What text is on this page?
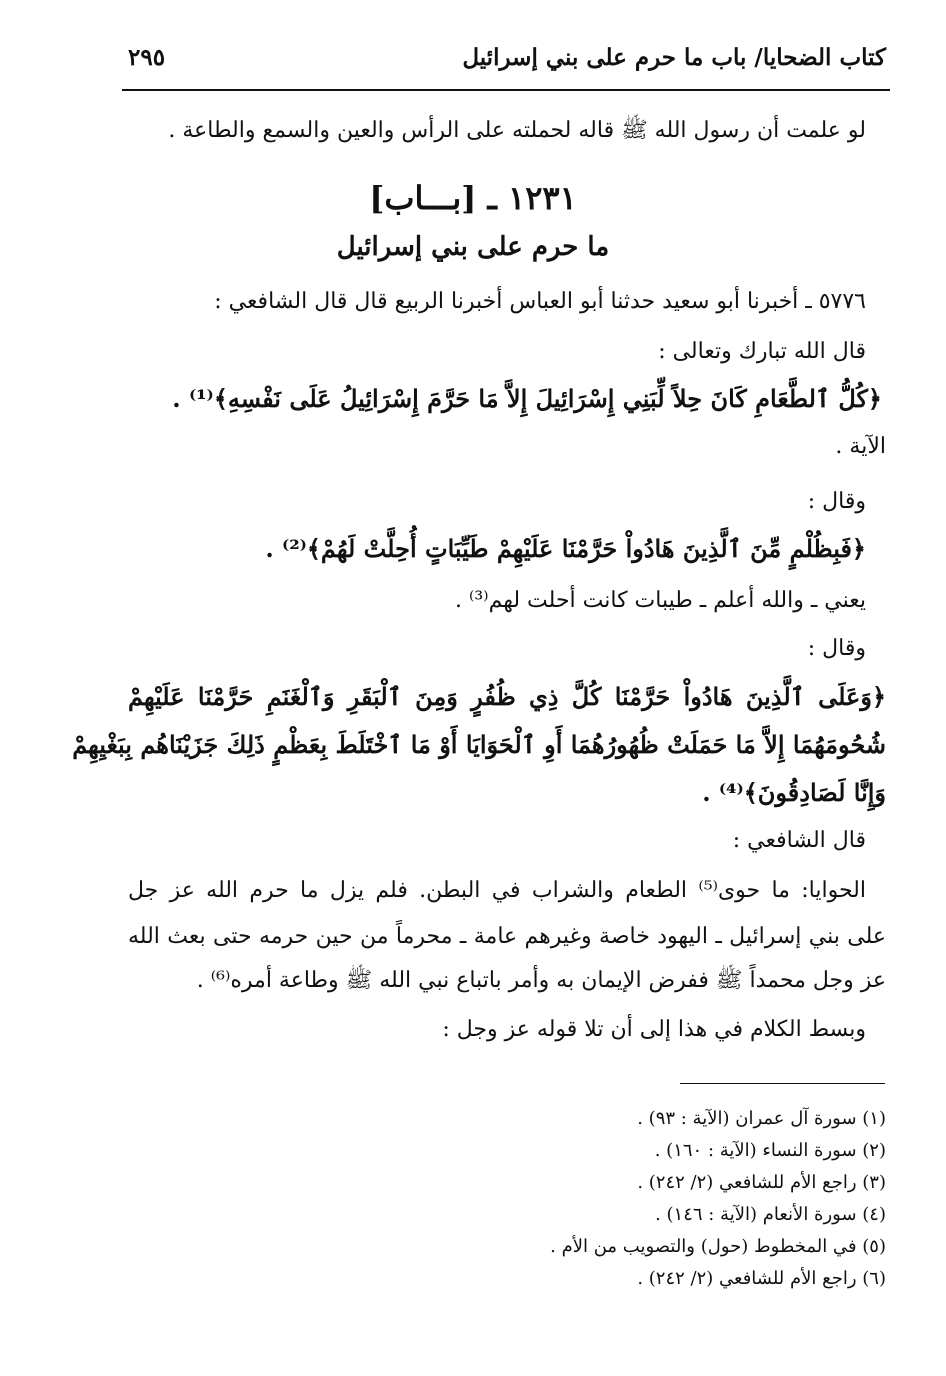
كتاب الضحايا/ باب ما حرم على بني إسرائيل
٢٩٥
لو علمت أن رسول الله ﷺ قاله لحملته على الرأس والعين والسمع والطاعة .
١٢٣١ ـ [بـــاب]
ما حرم على بني إسرائيل
٥٧٧٦ ـ أخبرنا أبو سعيد حدثنا أبو العباس أخبرنا الربيع قال قال الشافعي :
قال الله تبارك وتعالى :
﴿كُلُّ ٱلطَّعَامِ كَانَ حِلاً لِّبَنِي إِسْرَائِيلَ إِلاَّ مَا حَرَّمَ إِسْرَائِيلُ عَلَى نَفْسِهِ﴾⁽¹⁾ .
الآية .
وقال :
﴿فَبِظُلْمٍ مِّنَ ٱلَّذِينَ هَادُواْ حَرَّمْنَا عَلَيْهِمْ طَيِّبَاتٍ أُحِلَّتْ لَهُمْ﴾⁽²⁾ .
يعني ـ والله أعلم ـ طيبات كانت أحلت لهم⁽³⁾ .
وقال :
﴿وَعَلَى ٱلَّذِينَ هَادُواْ حَرَّمْنَا كُلَّ ذِي ظُفُرٍ وَمِنَ ٱلْبَقَرِ وَٱلْغَنَمِ حَرَّمْنَا عَلَيْهِمْ
شُحُومَهُمَا إِلاَّ مَا حَمَلَتْ ظُهُورُهُمَا أَوِ ٱلْحَوَايَا أَوْ مَا ٱخْتَلَطَ بِعَظْمٍ ذَلِكَ جَزَيْنَاهُم بِبَغْيِهِمْ
وَإِنَّا لَصَادِقُونَ﴾⁽⁴⁾ .
قال الشافعي :
الحوايا: ما حوى⁽⁵⁾ الطعام والشراب في البطن. فلم يزل ما حرم الله عز جل
على بني إسرائيل ـ اليهود خاصة وغيرهم عامة ـ محرماً من حين حرمه حتى بعث الله
عز وجل محمداً ﷺ ففرض الإيمان به وأمر باتباع نبي الله ﷺ وطاعة أمره⁽⁶⁾ .
وبسط الكلام في هذا إلى أن تلا قوله عز وجل :
(١) سورة آل عمران (الآية : ٩٣) .
(٢) سورة النساء (الآية : ١٦٠) .
(٣) راجع الأم للشافعي (٢/ ٢٤٢) .
(٤) سورة الأنعام (الآية : ١٤٦) .
(٥) في المخطوط (حول) والتصويب من الأم .
(٦) راجع الأم للشافعي (٢/ ٢٤٢) .
